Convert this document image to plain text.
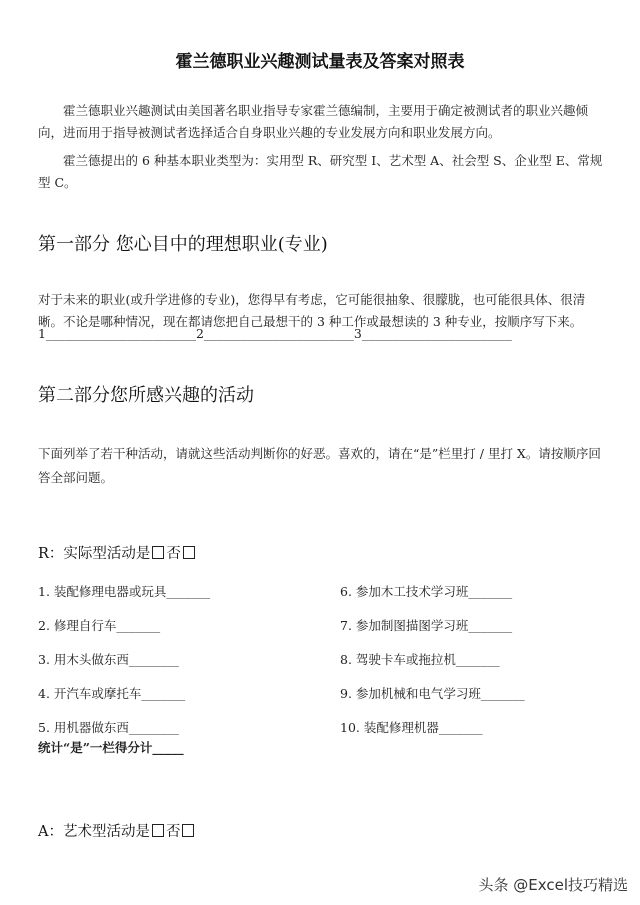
霍兰德职业兴趣测试量表及答案对照表
霍兰德职业兴趣测试由美国著名职业指导专家霍兰德编制，主要用于确定被测试者的职业兴趣倾向，进而用于指导被测试者选择适合自身职业兴趣的专业发展方向和职业发展方向。
霍兰德提出的 6 种基本职业类型为：实用型 R、研究型 I、艺术型 A、社会型 S、企业型 E、常规型 C。
第一部分 您心目中的理想职业(专业)
对于未来的职业(或升学进修的专业)，您得早有考虑，它可能很抽象、很朦胧，也可能很具体、很清晰。不论是哪种情况，现在都请您把自己最想干的 3 种工作或最想读的 3 种专业，按顺序写下来。
1________________________2________________________3________________________
第二部分您所感兴趣的活动
下面列举了若干种活动，请就这些活动判断你的好恶。喜欢的，请在“是”栏里打 / 里打 X。请按顺序回答全部问题。
R：实际型活动是 否
1. 装配修理电器或玩具_______
2. 修理自行车_______
3. 用木头做东西________
4. 开汽车或摩托车_______
5. 用机器做东西________
6. 参加木工技术学习班_______
7. 参加制图描图学习班_______
8. 驾驶卡车或拖拉机_______
9. 参加机械和电气学习班_______
10. 装配修理机器_______
统计“是”一栏得分计_____
A：艺术型活动是 否
头条 @Excel技巧精选
